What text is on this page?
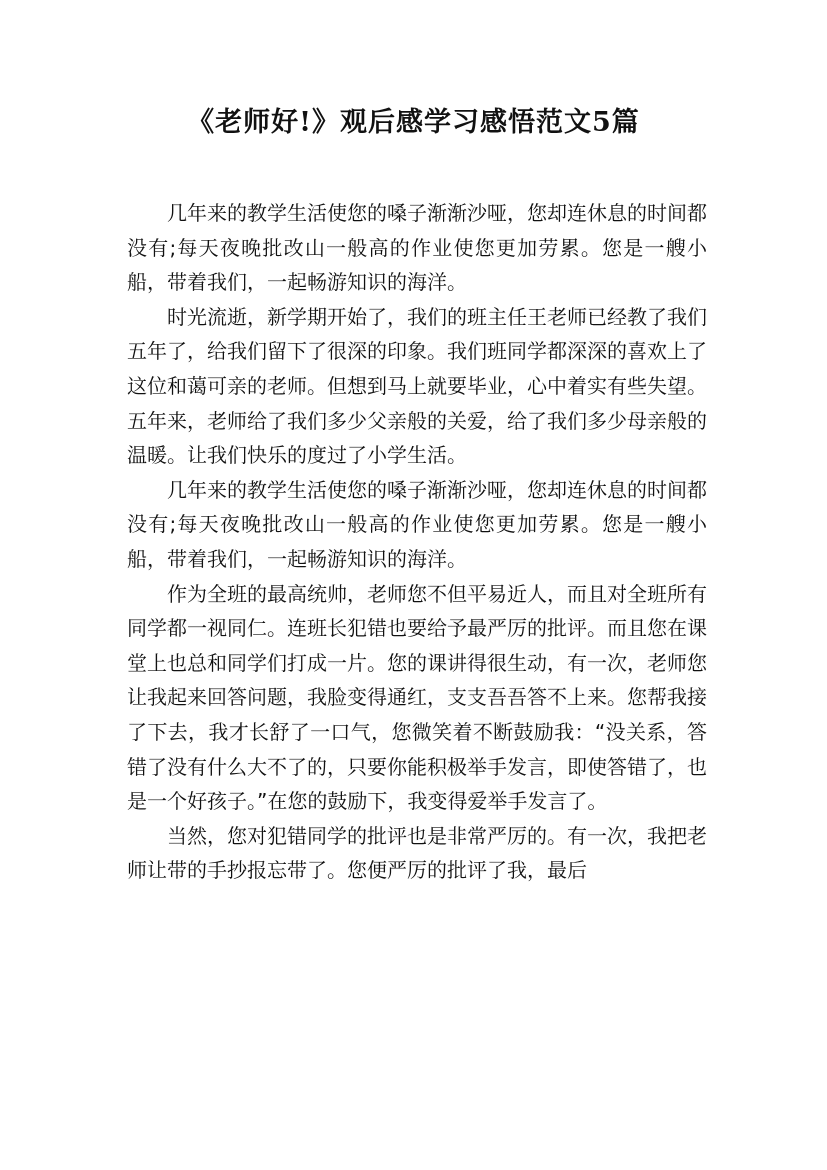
《老师好!》观后感学习感悟范文5篇

几年来的教学生活使您的嗓子渐渐沙哑，您却连休息的时间都没有;每天夜晚批改山一般高的作业使您更加劳累。您是一艘小船，带着我们，一起畅游知识的海洋。

时光流逝，新学期开始了，我们的班主任王老师已经教了我们五年了，给我们留下了很深的印象。我们班同学都深深的喜欢上了这位和蔼可亲的老师。但想到马上就要毕业，心中着实有些失望。五年来，老师给了我们多少父亲般的关爱，给了我们多少母亲般的温暖。让我们快乐的度过了小学生活。

几年来的教学生活使您的嗓子渐渐沙哑，您却连休息的时间都没有;每天夜晚批改山一般高的作业使您更加劳累。您是一艘小船，带着我们，一起畅游知识的海洋。

作为全班的最高统帅，老师您不但平易近人，而且对全班所有同学都一视同仁。连班长犯错也要给予最严厉的批评。而且您在课堂上也总和同学们打成一片。您的课讲得很生动，有一次，老师您让我起来回答问题，我脸变得通红，支支吾吾答不上来。您帮我接了下去，我才长舒了一口气，您微笑着不断鼓励我：“没关系，答错了没有什么大不了的，只要你能积极举手发言，即使答错了，也是一个好孩子。”在您的鼓励下，我变得爱举手发言了。

当然，您对犯错同学的批评也是非常严厉的。有一次，我把老师让带的手抄报忘带了。您便严厉的批评了我，最后
